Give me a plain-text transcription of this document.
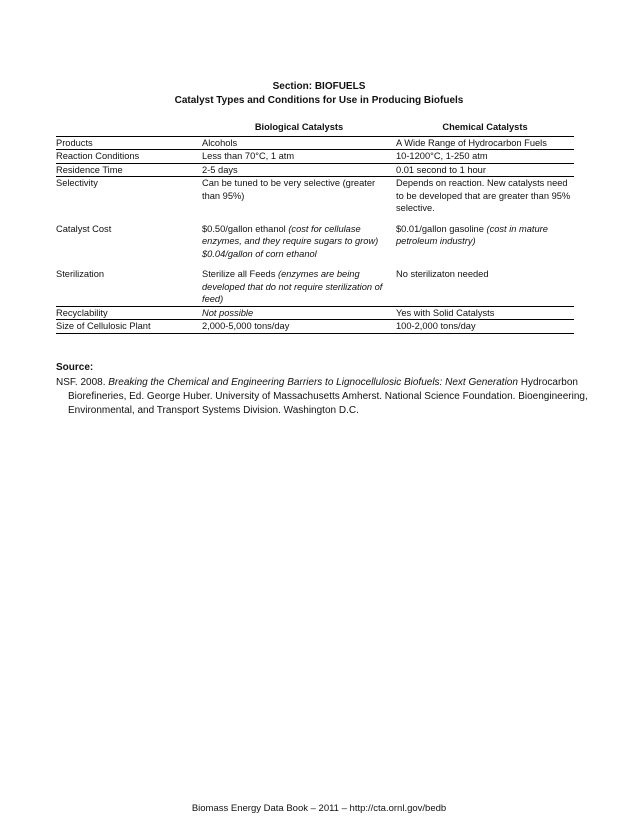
Section: BIOFUELS
Catalyst Types and Conditions for Use in Producing Biofuels
	Biological Catalysts	Chemical Catalysts
Products	Alcohols	A Wide Range of Hydrocarbon Fuels
Reaction Conditions	Less than 70°C, 1 atm	10-1200°C, 1-250 atm
Residence Time	2-5 days	0.01 second to 1 hour
Selectivity	Can be tuned to be very selective (greater than 95%)	Depends on reaction. New catalysts need to be developed that are greater than 95% selective.
Catalyst Cost	$0.50/gallon ethanol (cost for cellulase enzymes, and they require sugars to grow) $0.04/gallon of corn ethanol	$0.01/gallon gasoline (cost in mature petroleum industry)
Sterilization	Sterilize all Feeds (enzymes are being developed that do not require sterilization of feed)	No sterilizaton needed
Recyclability	Not possible	Yes with Solid Catalysts
Size of Cellulosic Plant	2,000-5,000 tons/day	100-2,000 tons/day
Source:
NSF. 2008. Breaking the Chemical and Engineering Barriers to Lignocellulosic Biofuels: Next Generation Hydrocarbon Biorefineries, Ed. George Huber. University of Massachusetts Amherst. National Science Foundation. Bioengineering, Environmental, and Transport Systems Division. Washington D.C.
Biomass Energy Data Book – 2011 – http://cta.ornl.gov/bedb
